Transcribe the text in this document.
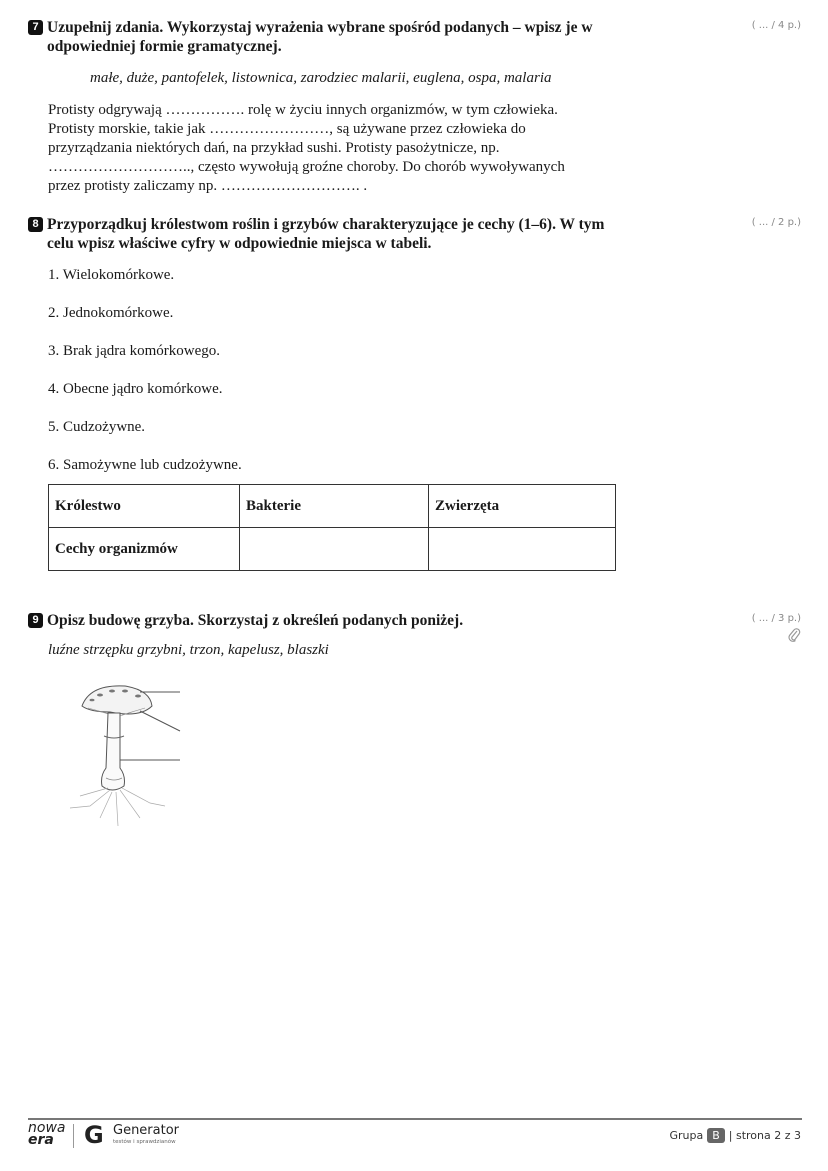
7 Uzupełnij zdania. Wykorzystaj wyrażenia wybrane spośród podanych – wpisz je w odpowiedniej formie gramatycznej.
małe, duże, pantofelek, listownica, zarodziec malarii, euglena, ospa, malaria
Protisty odgrywają ……………. rolę w życiu innych organizmów, w tym człowieka.
Protisty morskie, takie jak ……………………, są używane przez człowieka do
przyrządzania niektórych dań, na przykład sushi. Protisty pasożytnicze, np.
……………………….., często wywołują groźne choroby. Do chorób wywoływanych
przez protisty zaliczamy np. ………………………. .
( ... / 4 p.)
8 Przyporządkuj królestwom roślin i grzybów charakteryzujące je cechy (1–6). W tym celu wpisz właściwe cyfry w odpowiednie miejsca w tabeli.
1. Wielokomórkowe.
2. Jednokomórkowe.
3. Brak jądra komórkowego.
4. Obecne jądro komórkowe.
5. Cudzożywne.
6. Samożywne lub cudzożywne.
( ... / 2 p.)
Królestwo	Bakterie	Zwierzęta
Cechy organizmów		
9 Opisz budowę grzyba. Skorzystaj z określeń podanych poniżej.
luźne strzępku grzybni, trzon, kapelusz, blaszki
( ... / 3 p.)
nowa
era	G Generator
testów i sprawdzianów	Grupa B | strona 2 z 3
